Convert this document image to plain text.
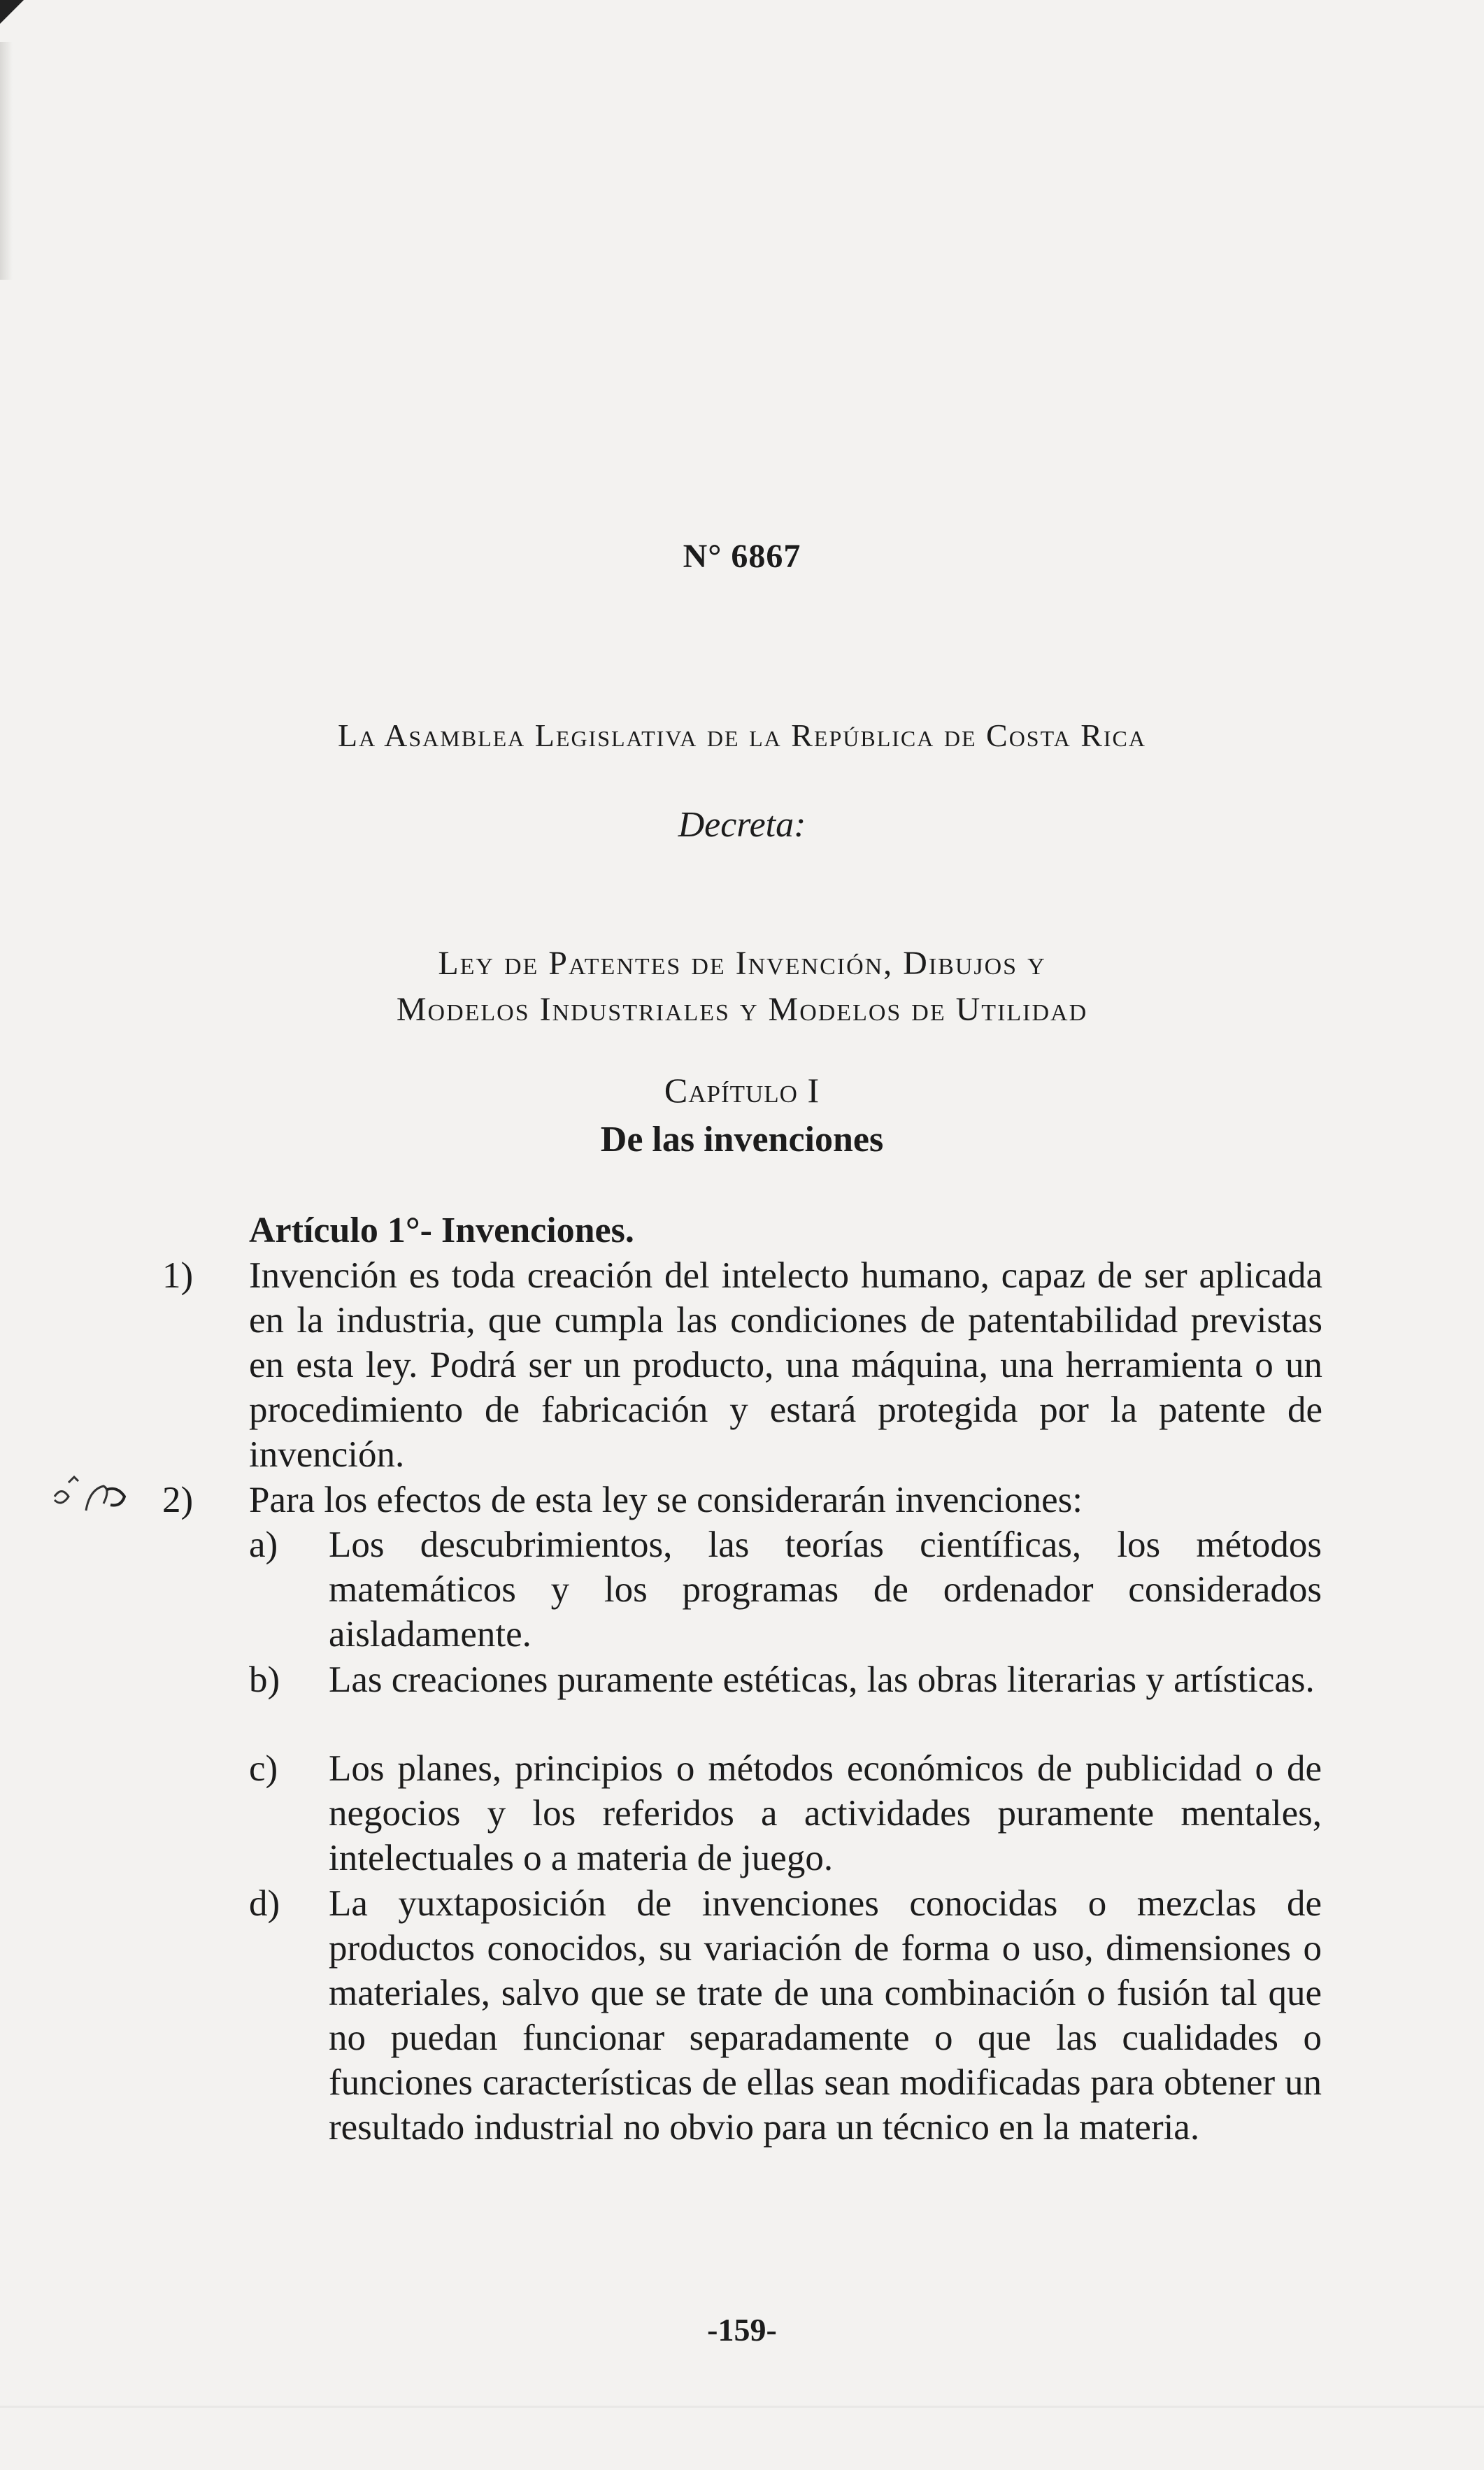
N° 6867
La Asamblea Legislativa de la República de Costa Rica
Decreta:
Ley de Patentes de Invención, Dibujos y
Modelos Industriales y Modelos de Utilidad
Capítulo I
De las invenciones
Artículo 1°- Invenciones.
1) Invención es toda creación del intelecto humano, capaz de ser aplicada en la industria, que cumpla las condiciones de patentabilidad previstas en esta ley. Podrá ser un producto, una máquina, una herramienta o un procedimiento de fabricación y estará protegida por la patente de invención.
2) Para los efectos de esta ley se considerarán invenciones:
a) Los descubrimientos, las teorías científicas, los métodos matemáticos y los programas de ordenador considerados aisladamente.
b) Las creaciones puramente estéticas, las obras literarias y artísticas.
c) Los planes, principios o métodos económicos de publicidad o de negocios y los referidos a actividades puramente mentales, intelectuales o a materia de juego.
d) La yuxtaposición de invenciones conocidas o mezclas de productos conocidos, su variación de forma o uso, dimensiones o materiales, salvo que se trate de una combinación o fusión tal que no puedan funcionar separadamente o que las cualidades o funciones características de ellas sean modificadas para obtener un resultado industrial no obvio para un técnico en la materia.
-159-
